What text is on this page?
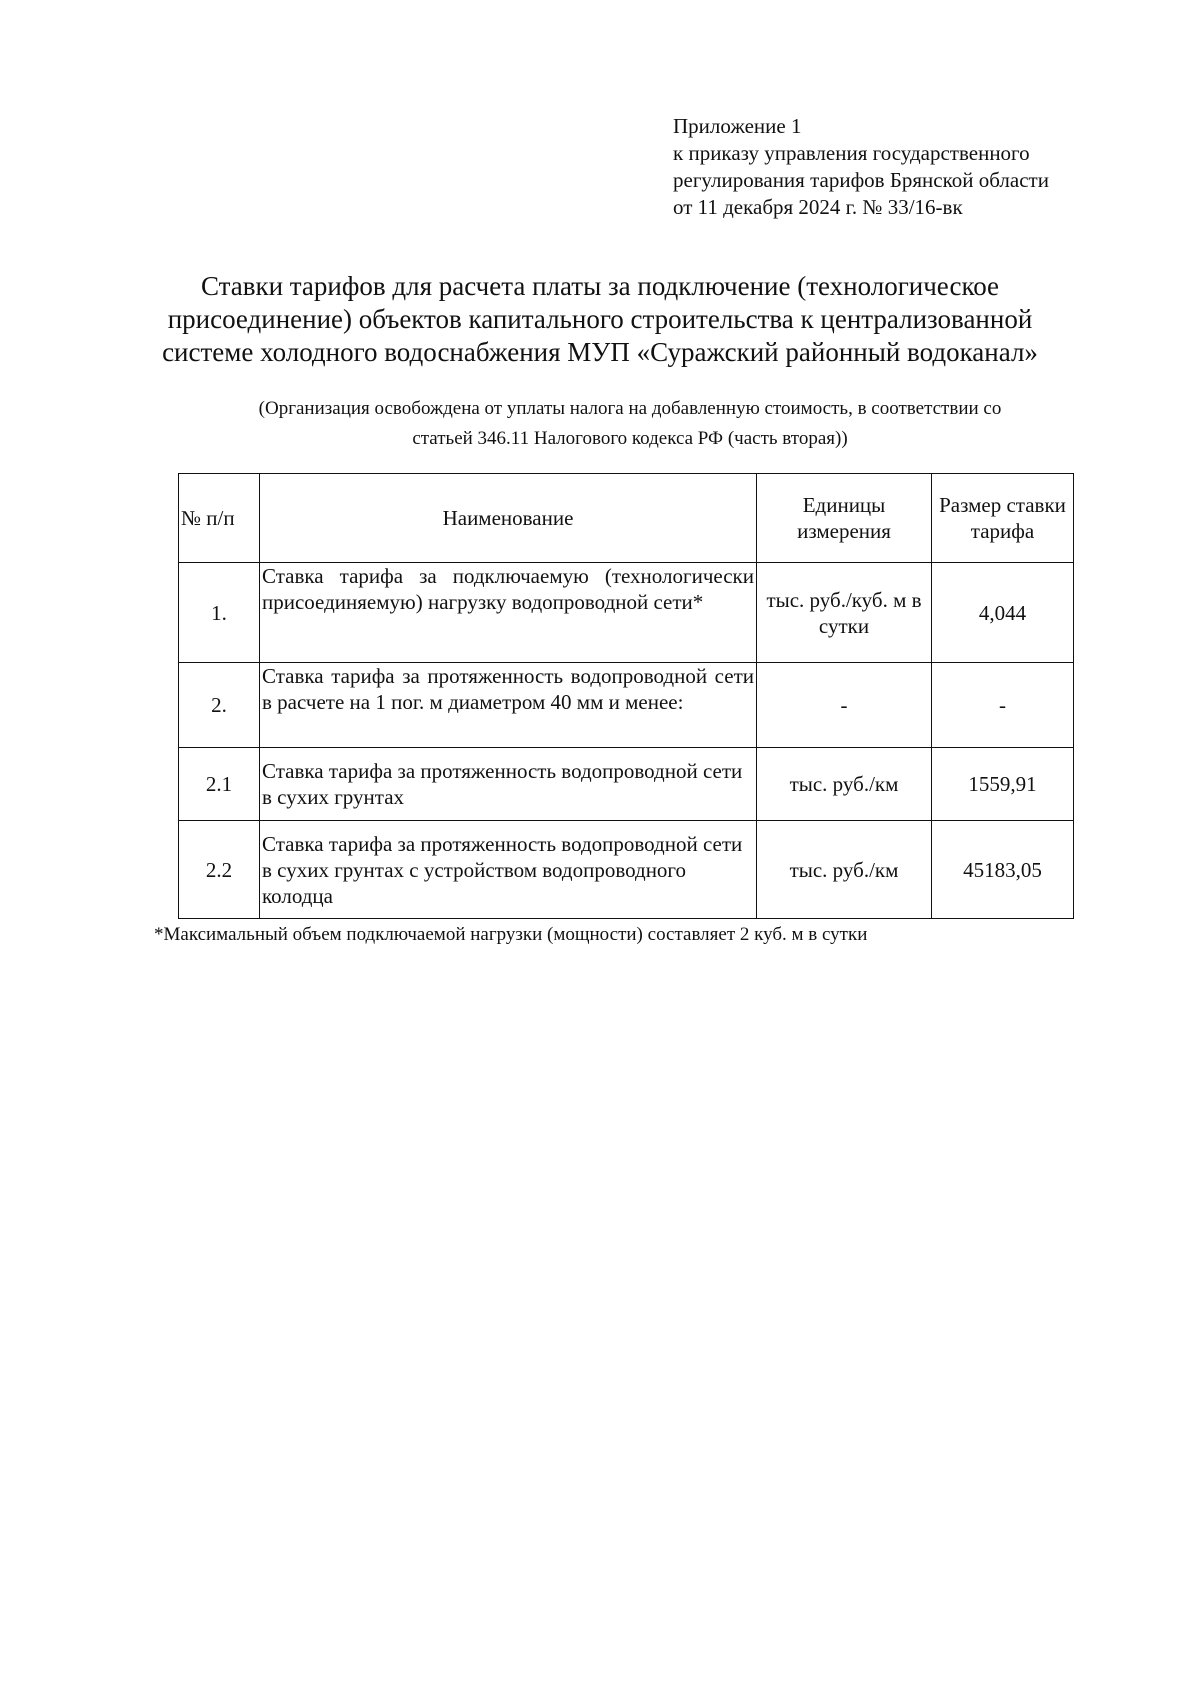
Приложение 1
к приказу управления государственного
регулирования тарифов Брянской области
от 11 декабря 2024 г. № 33/16-вк
Ставки тарифов для расчета платы за подключение (технологическое
присоединение) объектов капитального строительства к централизованной
системе холодного водоснабжения МУП «Суражский районный водоканал»
(Организация освобождена от уплаты налога на добавленную стоимость, в соответствии со
статьей 346.11 Налогового кодекса РФ (часть вторая))
№ п/п	Наименование	Единицы измерения	Размер ставки тарифа
1.	Ставка тарифа за подключаемую (технологически присоединяемую) нагрузку водопроводной сети*	тыс. руб./куб. м в сутки	4,044
2.	Ставка тарифа за протяженность водопроводной сети в расчете на 1 пог. м диаметром 40 мм и менее:	-	-
2.1	Ставка тарифа за протяженность водопроводной сети в сухих грунтах	тыс. руб./км	1559,91
2.2	Ставка тарифа за протяженность водопроводной сети в сухих грунтах с устройством водопроводного колодца	тыс. руб./км	45183,05
*Максимальный объем подключаемой нагрузки (мощности) составляет 2 куб. м в сутки
